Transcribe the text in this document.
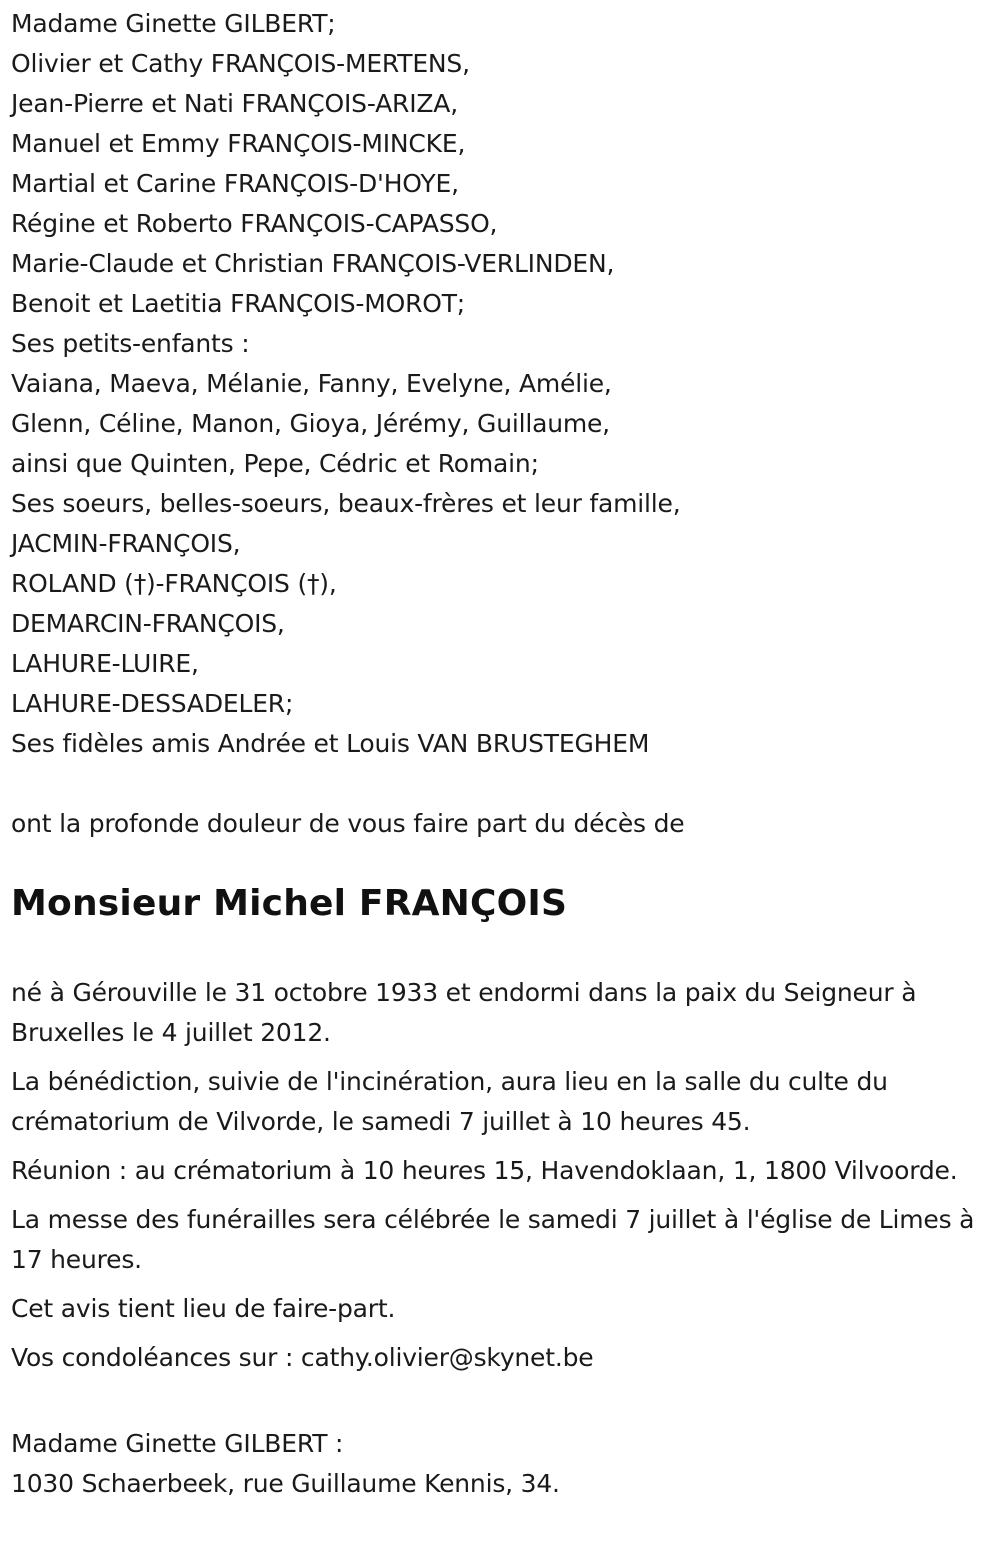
Madame Ginette GILBERT;
Olivier et Cathy FRANÇOIS-MERTENS,
Jean-Pierre et Nati FRANÇOIS-ARIZA,
Manuel et Emmy FRANÇOIS-MINCKE,
Martial et Carine FRANÇOIS-D'HOYE,
Régine et Roberto FRANÇOIS-CAPASSO,
Marie-Claude et Christian FRANÇOIS-VERLINDEN,
Benoit et Laetitia FRANÇOIS-MOROT;
Ses petits-enfants :
Vaiana, Maeva, Mélanie, Fanny, Evelyne, Amélie,
Glenn, Céline, Manon, Gioya, Jérémy, Guillaume,
ainsi que Quinten, Pepe, Cédric et Romain;
Ses soeurs, belles-soeurs, beaux-frères et leur famille,
JACMIN-FRANÇOIS,
ROLAND (†)-FRANÇOIS (†),
DEMARCIN-FRANÇOIS,
LAHURE-LUIRE,
LAHURE-DESSADELER;
Ses fidèles amis Andrée et Louis VAN BRUSTEGHEM
ont la profonde douleur de vous faire part du décès de
Monsieur Michel FRANÇOIS
né à Gérouville le 31 octobre 1933 et endormi dans la paix du Seigneur à Bruxelles le 4 juillet 2012.
La bénédiction, suivie de l'incinération, aura lieu en la salle du culte du crématorium de Vilvorde, le samedi 7 juillet à 10 heures 45.
Réunion : au crématorium à 10 heures 15, Havendoklaan, 1, 1800 Vilvoorde.
La messe des funérailles sera célébrée le samedi 7 juillet à l'église de Limes à 17 heures.
Cet avis tient lieu de faire-part.
Vos condoléances sur : cathy.olivier@skynet.be
Madame Ginette GILBERT :
1030 Schaerbeek, rue Guillaume Kennis, 34.
